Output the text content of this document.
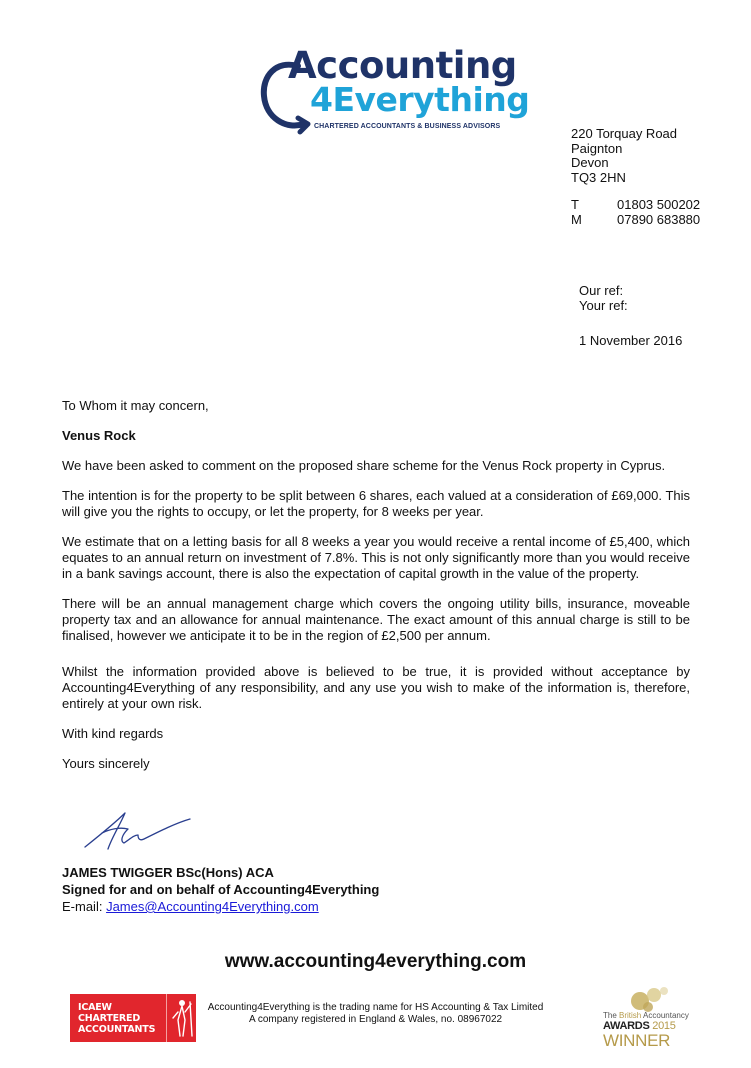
Accounting
4Everything
CHARTERED ACCOUNTANTS & BUSINESS ADVISORS	220 Torquay Road
Paignton
Devon
TQ3 2HN
T	01803 500202
M	07890 683880
Our ref:
Your ref:
1 November 2016

To Whom it may concern,

Venus Rock

We have been asked to comment on the proposed share scheme for the Venus Rock property in Cyprus.

The intention is for the property to be split between 6 shares, each valued at a consideration of £69,000. This will give you the rights to occupy, or let the property, for 8 weeks per year.

We estimate that on a letting basis for all 8 weeks a year you would receive a rental income of £5,400, which equates to an annual return on investment of 7.8%. This is not only significantly more than you would receive in a bank savings account, there is also the expectation of capital growth in the value of the property.

There will be an annual management charge which covers the ongoing utility bills, insurance, moveable property tax and an allowance for annual maintenance. The exact amount of this annual charge is still to be finalised, however we anticipate it to be in the region of £2,500 per annum.

Whilst the information provided above is believed to be true, it is provided without acceptance by Accounting4Everything of any responsibility, and any use you wish to make of the information is, therefore, entirely at your own risk.

With kind regards

Yours sincerely

JAMES TWIGGER BSc(Hons) ACA
Signed for and on behalf of Accounting4Everything
E-mail: James@Accounting4Everything.com
www.accounting4everything.com
Accounting4Everything is the trading name for HS Accounting & Tax Limited
A company registered in England & Wales, no. 08967022
ICAEW
CHARTERED
ACCOUNTANTS
The British Accountancy
AWARDS 2015
WINNER
